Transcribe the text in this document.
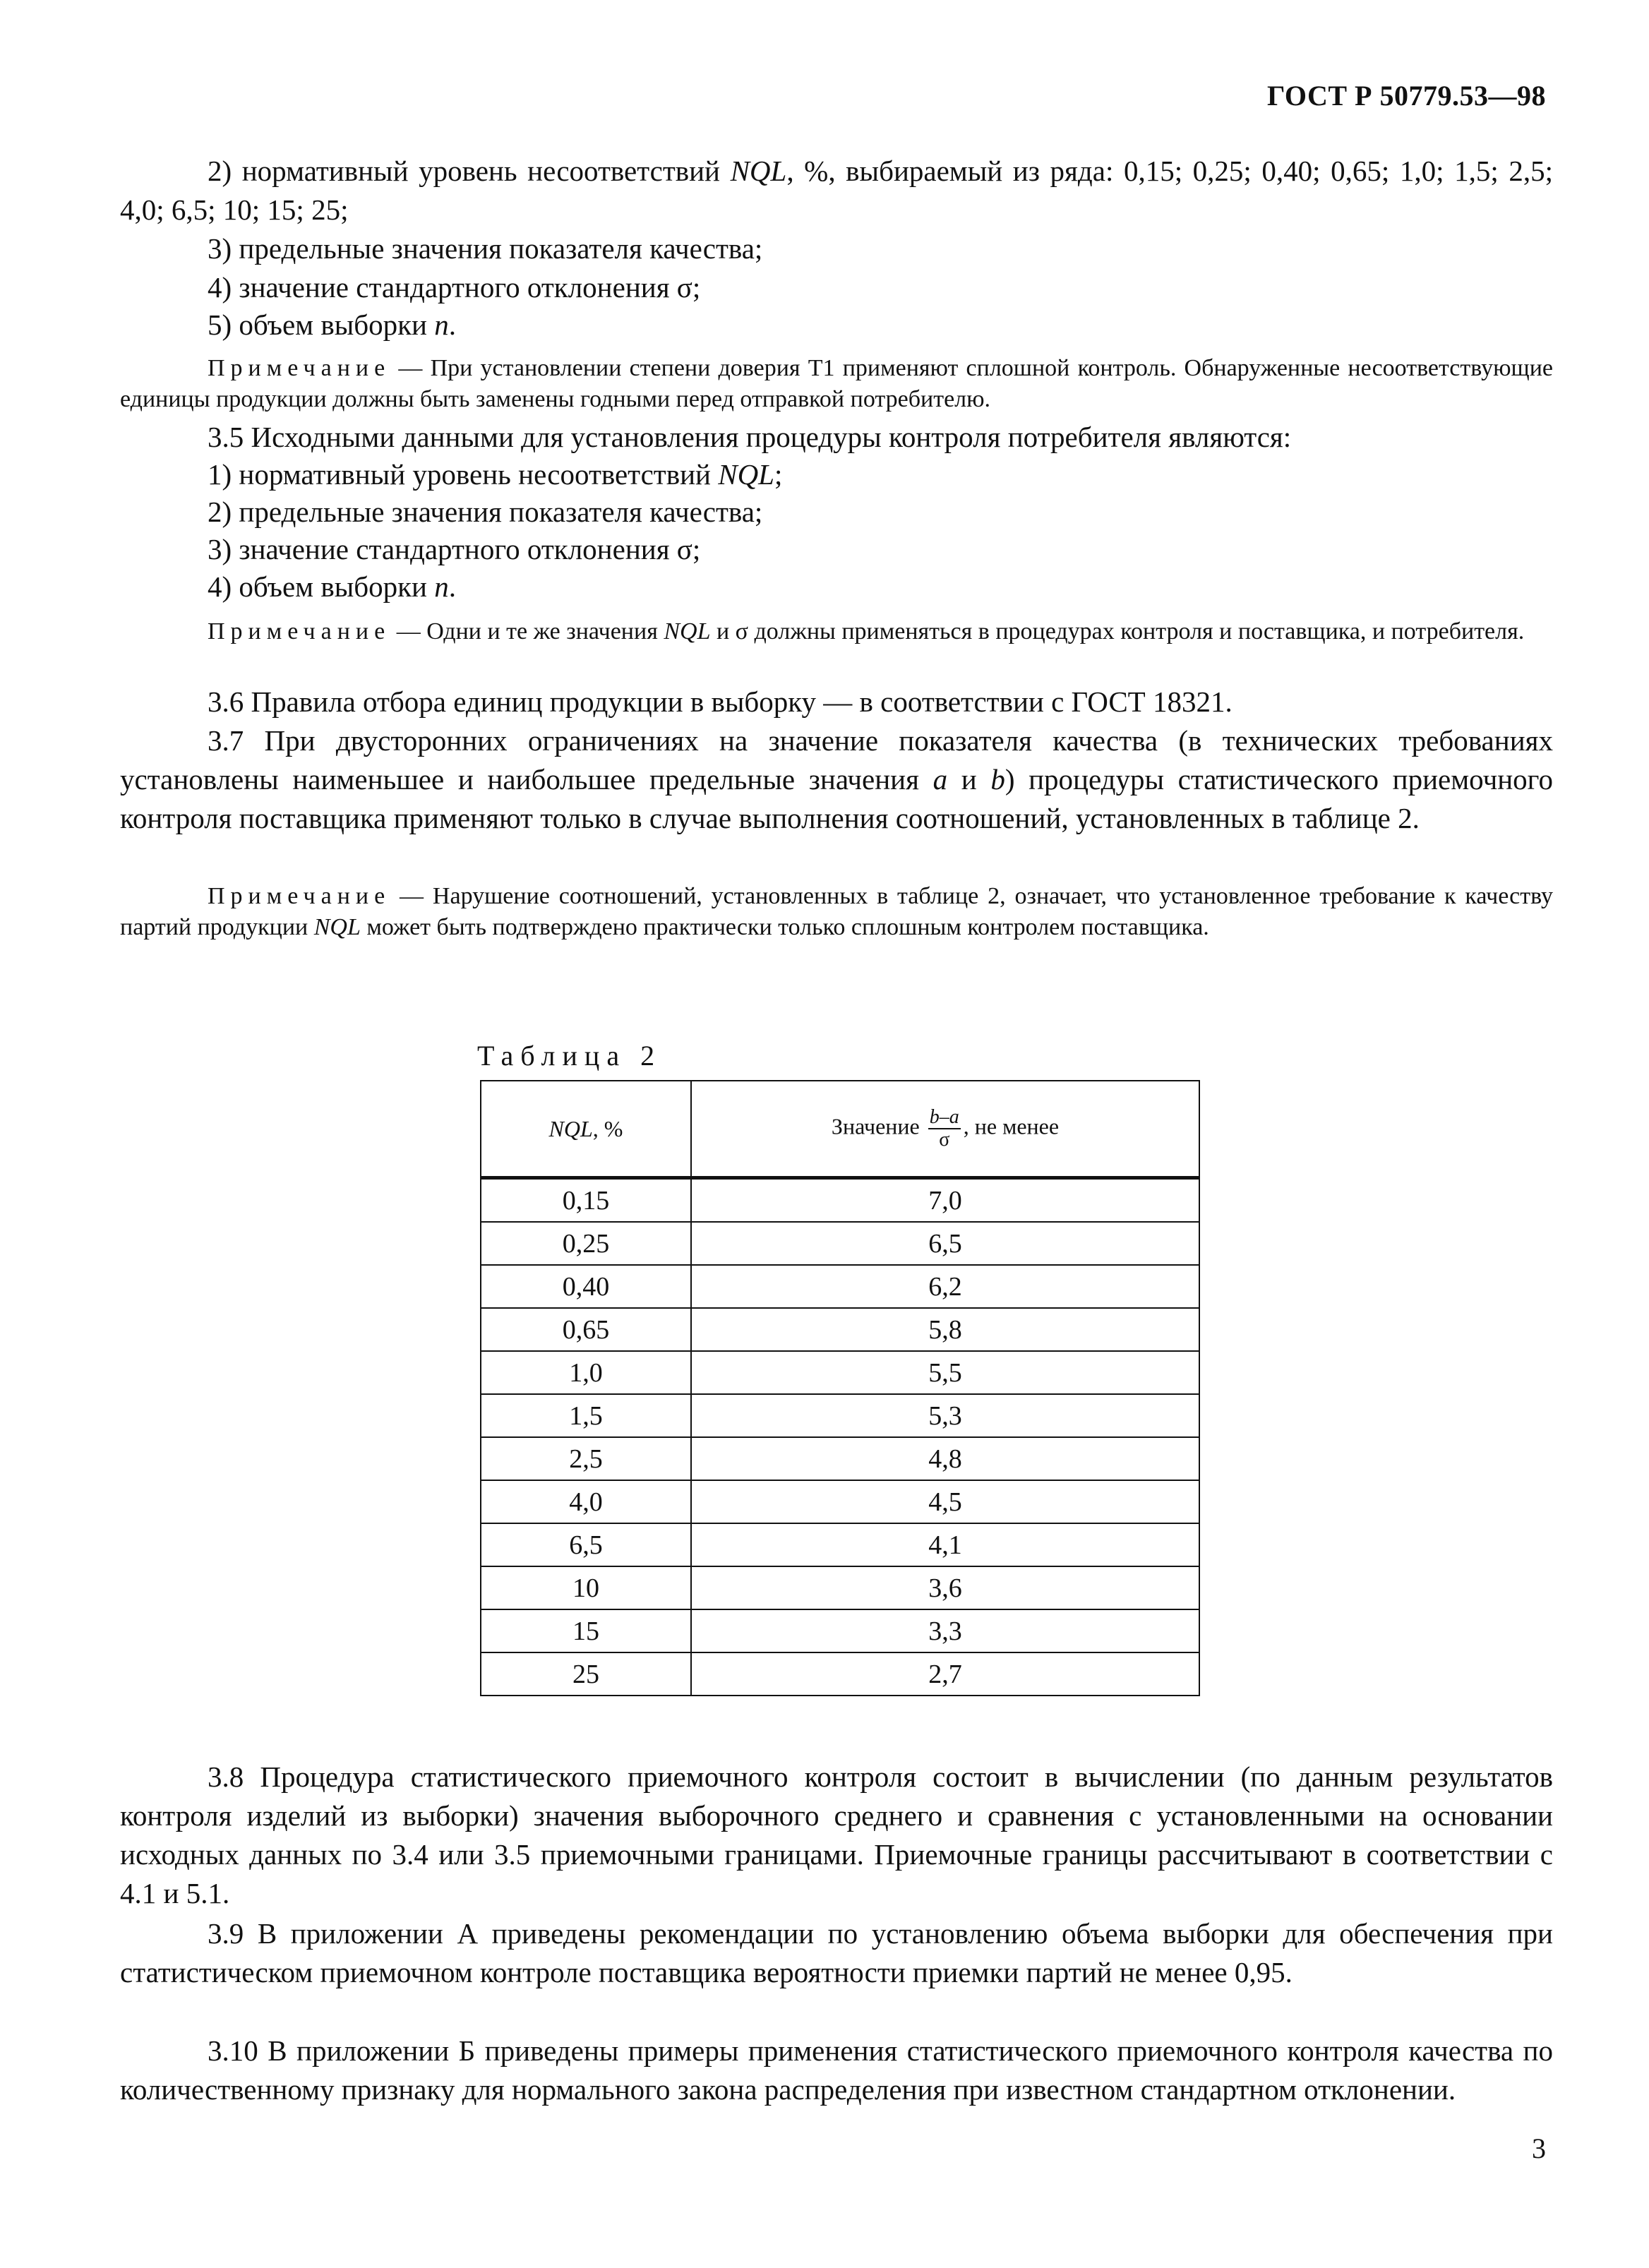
ГОСТ Р 50779.53—98
2) нормативный уровень несоответствий NQL, %, выбираемый из ряда: 0,15; 0,25; 0,40; 0,65; 1,0; 1,5; 2,5; 4,0; 6,5; 10; 15; 25;
3) предельные значения показателя качества;
4) значение стандартного отклонения σ;
5) объем выборки n.
Примечание — При установлении степени доверия Т1 применяют сплошной контроль. Обнаруженные несоответствующие единицы продукции должны быть заменены годными перед отправкой потребителю.
3.5 Исходными данными для установления процедуры контроля потребителя являются:
1) нормативный уровень несоответствий NQL;
2) предельные значения показателя качества;
3) значение стандартного отклонения σ;
4) объем выборки n.
Примечание — Одни и те же значения NQL и σ должны применяться в процедурах контроля и поставщика, и потребителя.
3.6 Правила отбора единиц продукции в выборку — в соответствии с ГОСТ 18321.
3.7 При двусторонних ограничениях на значение показателя качества (в технических требованиях установлены наименьшее и наибольшее предельные значения a и b) процедуры статистического приемочного контроля поставщика применяют только в случае выполнения соотношений, установленных в таблице 2.
Примечание — Нарушение соотношений, установленных в таблице 2, означает, что установленное требование к качеству партий продукции NQL может быть подтверждено практически только сплошным контролем поставщика.
Таблица 2
NQL, %	Значение $\frac{b-a}{\sigma}$ , не менее
0,15	7,0
0,25	6,5
0,40	6,2
0,65	5,8
1,0	5,5
1,5	5,3
2,5	4,8
4,0	4,5
6,5	4,1
10	3,6
15	3,3
25	2,7
3.8 Процедура статистического приемочного контроля состоит в вычислении (по данным результатов контроля изделий из выборки) значения выборочного среднего и сравнения с установленными на основании исходных данных по 3.4 или 3.5 приемочными границами. Приемочные границы рассчитывают в соответствии с 4.1 и 5.1.
3.9 В приложении А приведены рекомендации по установлению объема выборки для обеспечения при статистическом приемочном контроле поставщика вероятности приемки партий не менее 0,95.
3.10 В приложении Б приведены примеры применения статистического приемочного контроля качества по количественному признаку для нормального закона распределения при известном стандартном отклонении.
3
